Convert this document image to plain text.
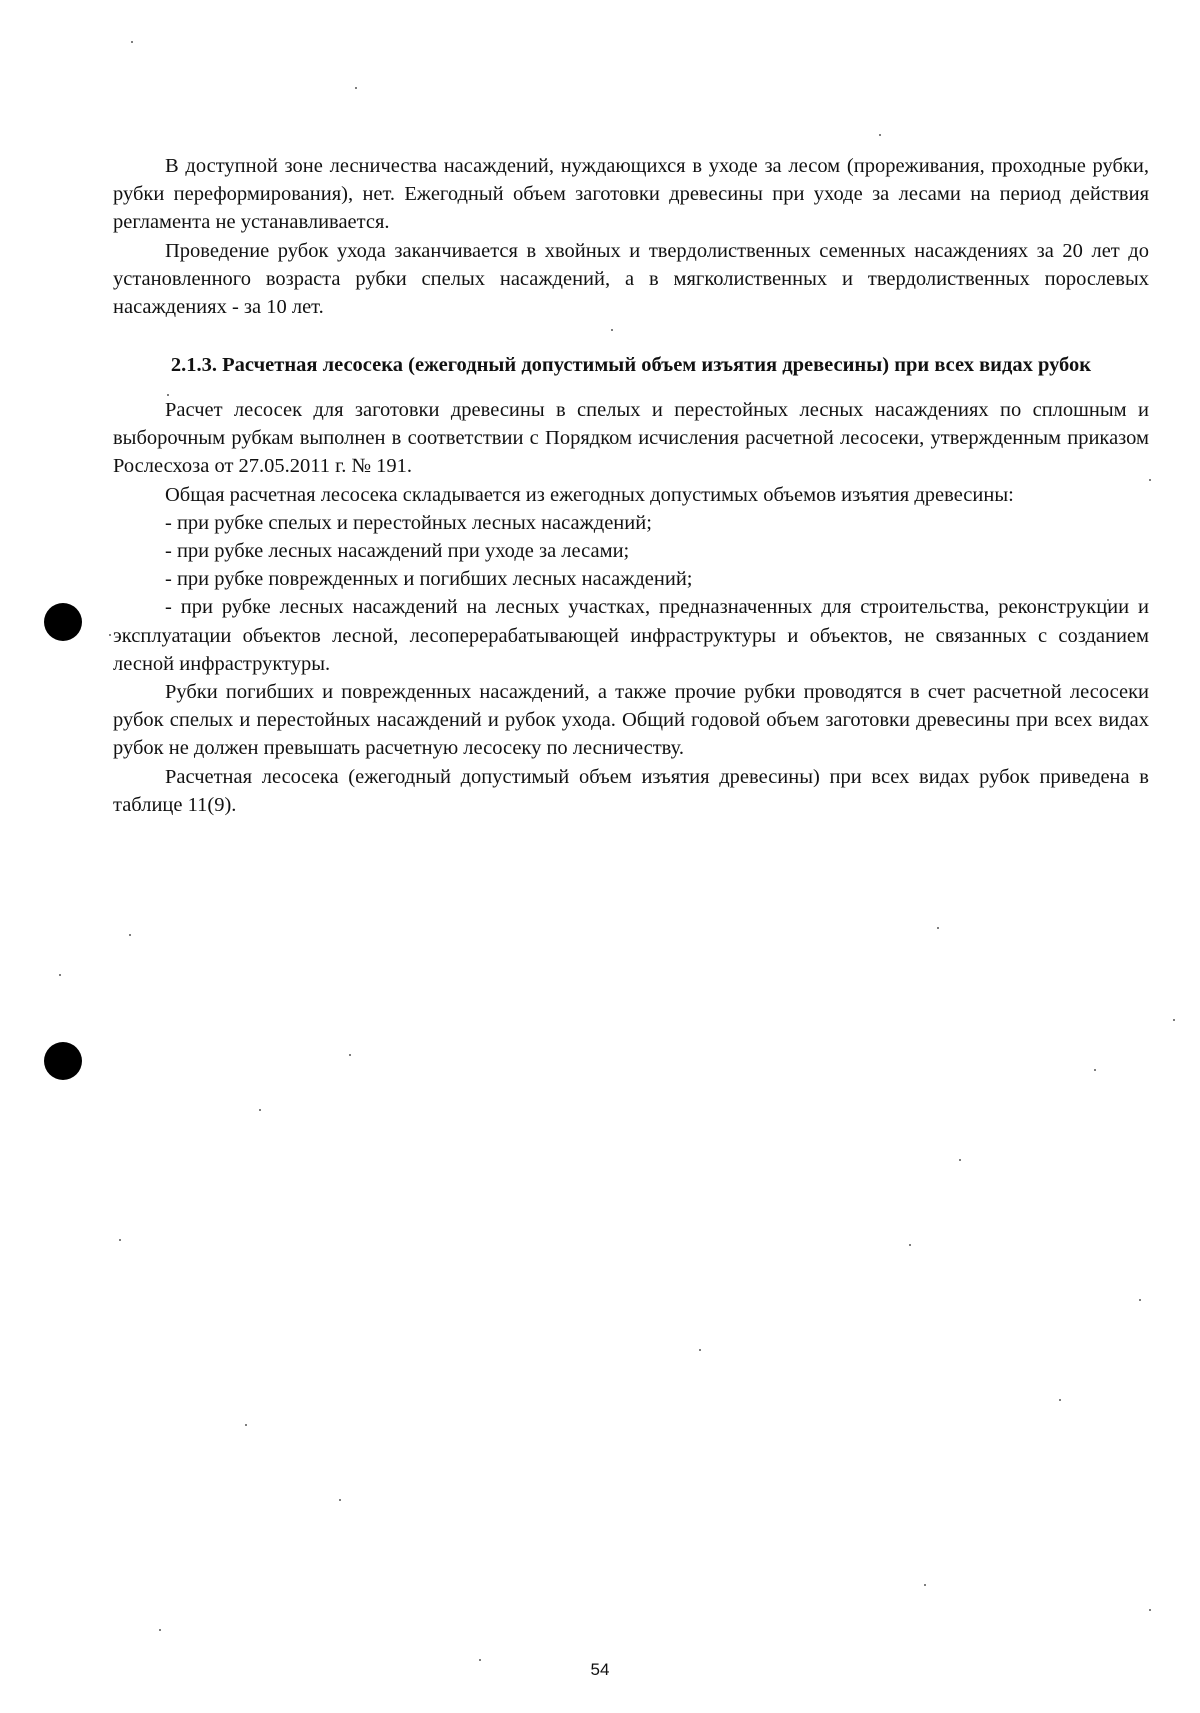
В доступной зоне лесничества насаждений, нуждающихся в уходе за лесом (прореживания, проходные рубки, рубки переформирования), нет. Ежегодный объем заготовки древесины при уходе за лесами на период действия регламента не устанавливается.

Проведение рубок ухода заканчивается в хвойных и твердолиственных семенных насаждениях за 20 лет до установленного возраста рубки спелых насаждений, а в мягколиственных и твердолиственных порослевых насаждениях - за 10 лет.

2.1.3. Расчетная лесосека (ежегодный допустимый объем изъятия древесины) при всех видах рубок

Расчет лесосек для заготовки древесины в спелых и перестойных лесных насаждениях по сплошным и выборочным рубкам выполнен в соответствии с Порядком исчисления расчетной лесосеки, утвержденным приказом Рослесхоза от 27.05.2011 г. № 191.

Общая расчетная лесосека складывается из ежегодных допустимых объемов изъятия древесины:

- при рубке спелых и перестойных лесных насаждений;

- при рубке лесных насаждений при уходе за лесами;

- при рубке поврежденных и погибших лесных насаждений;

- при рубке лесных насаждений на лесных участках, предназначенных для строительства, реконструкции и эксплуатации объектов лесной, лесоперерабатывающей инфраструктуры и объектов, не связанных с созданием лесной инфраструктуры.

Рубки погибших и поврежденных насаждений, а также прочие рубки проводятся в счет расчетной лесосеки рубок спелых и перестойных насаждений и рубок ухода. Общий годовой объем заготовки древесины при всех видах рубок не должен превышать расчетную лесосеку по лесничеству.

Расчетная лесосека (ежегодный допустимый объем изъятия древесины) при всех видах рубок приведена в таблице 11(9).

54
